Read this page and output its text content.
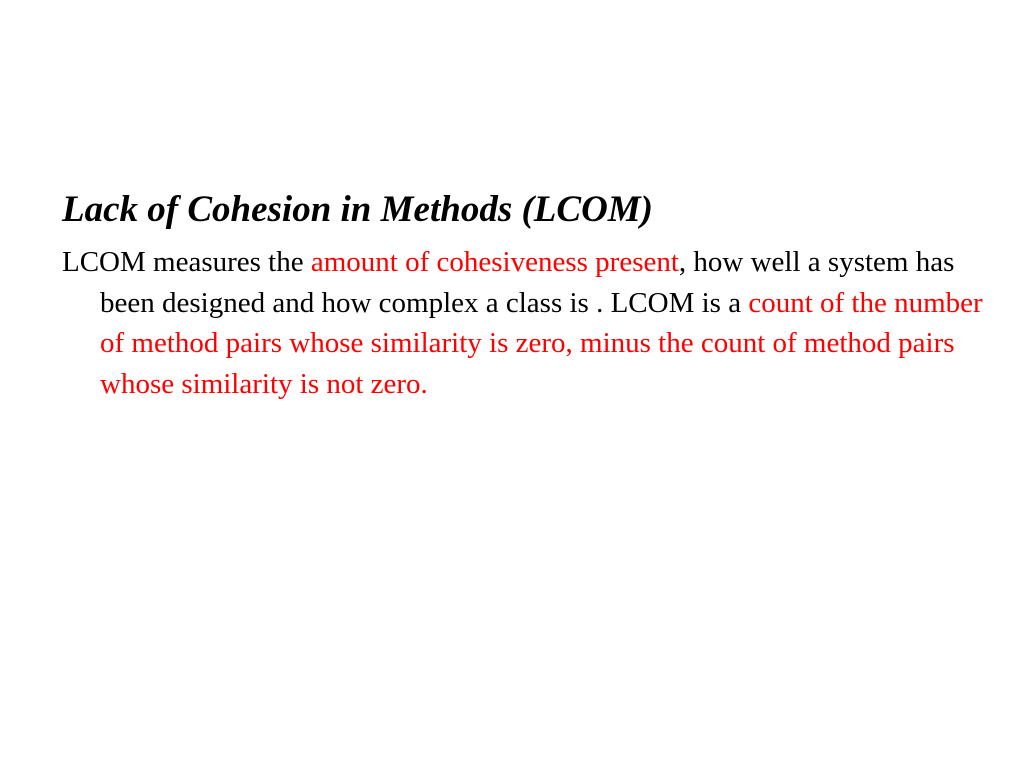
Lack of Cohesion in Methods (LCOM)

LCOM measures the amount of cohesiveness present, how well a system has been designed and how complex a class is . LCOM is a count of the number of method pairs whose similarity is zero, minus the count of method pairs whose similarity is not zero.
